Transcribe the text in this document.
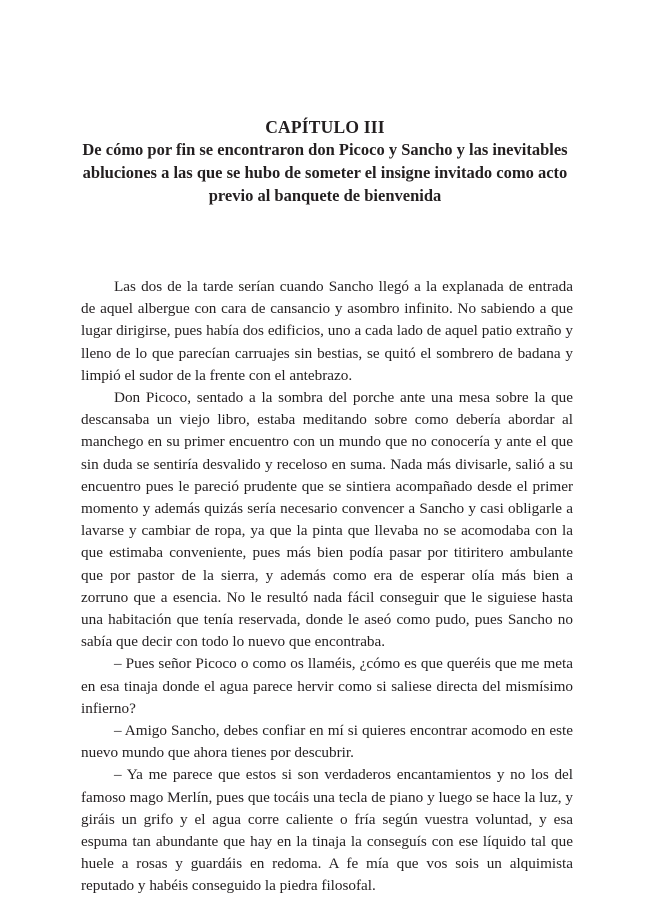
CAPÍTULO III
De cómo por fin se encontraron don Picoco y Sancho y las inevitables abluciones a las que se hubo de someter el insigne invitado como acto previo al banquete de bienvenida

Las dos de la tarde serían cuando Sancho llegó a la explanada de entrada de aquel albergue con cara de cansancio y asombro infinito. No sabiendo a que lugar dirigirse, pues había dos edificios, uno a cada lado de aquel patio extraño y lleno de lo que parecían carruajes sin bestias, se quitó el sombrero de badana y limpió el sudor de la frente con el antebrazo.

Don Picoco, sentado a la sombra del porche ante una mesa sobre la que descansaba un viejo libro, estaba meditando sobre como debería abordar al manchego en su primer encuentro con un mundo que no conocería y ante el que sin duda se sentiría desvalido y receloso en suma. Nada más divisarle, salió a su encuentro pues le pareció prudente que se sintiera acompañado desde el primer momento y además quizás sería necesario convencer a Sancho y casi obligarle a lavarse y cambiar de ropa, ya que la pinta que llevaba no se acomodaba con la que estimaba conveniente, pues más bien podía pasar por titiritero ambulante que por pastor de la sierra, y además como era de esperar olía más bien a zorruno que a esencia. No le resultó nada fácil conseguir que le siguiese hasta una habitación que tenía reservada, donde le aseó como pudo, pues Sancho no sabía que decir con todo lo nuevo que encontraba.

– Pues señor Picoco o como os llaméis, ¿cómo es que queréis que me meta en esa tinaja donde el agua parece hervir como si saliese directa del mismísimo infierno?

– Amigo Sancho, debes confiar en mí si quieres encontrar acomodo en este nuevo mundo que ahora tienes por descubrir.

– Ya me parece que estos si son verdaderos encantamientos y no los del famoso mago Merlín, pues que tocáis una tecla de piano y luego se hace la luz, y giráis un grifo y el agua corre caliente o fría según vuestra voluntad, y esa espuma tan abundante que hay en la tinaja la conseguís con ese líquido tal que huele a rosas y guardáis en redoma. A fe mía que vos sois un alquimista reputado y habéis conseguido la piedra filosofal.
